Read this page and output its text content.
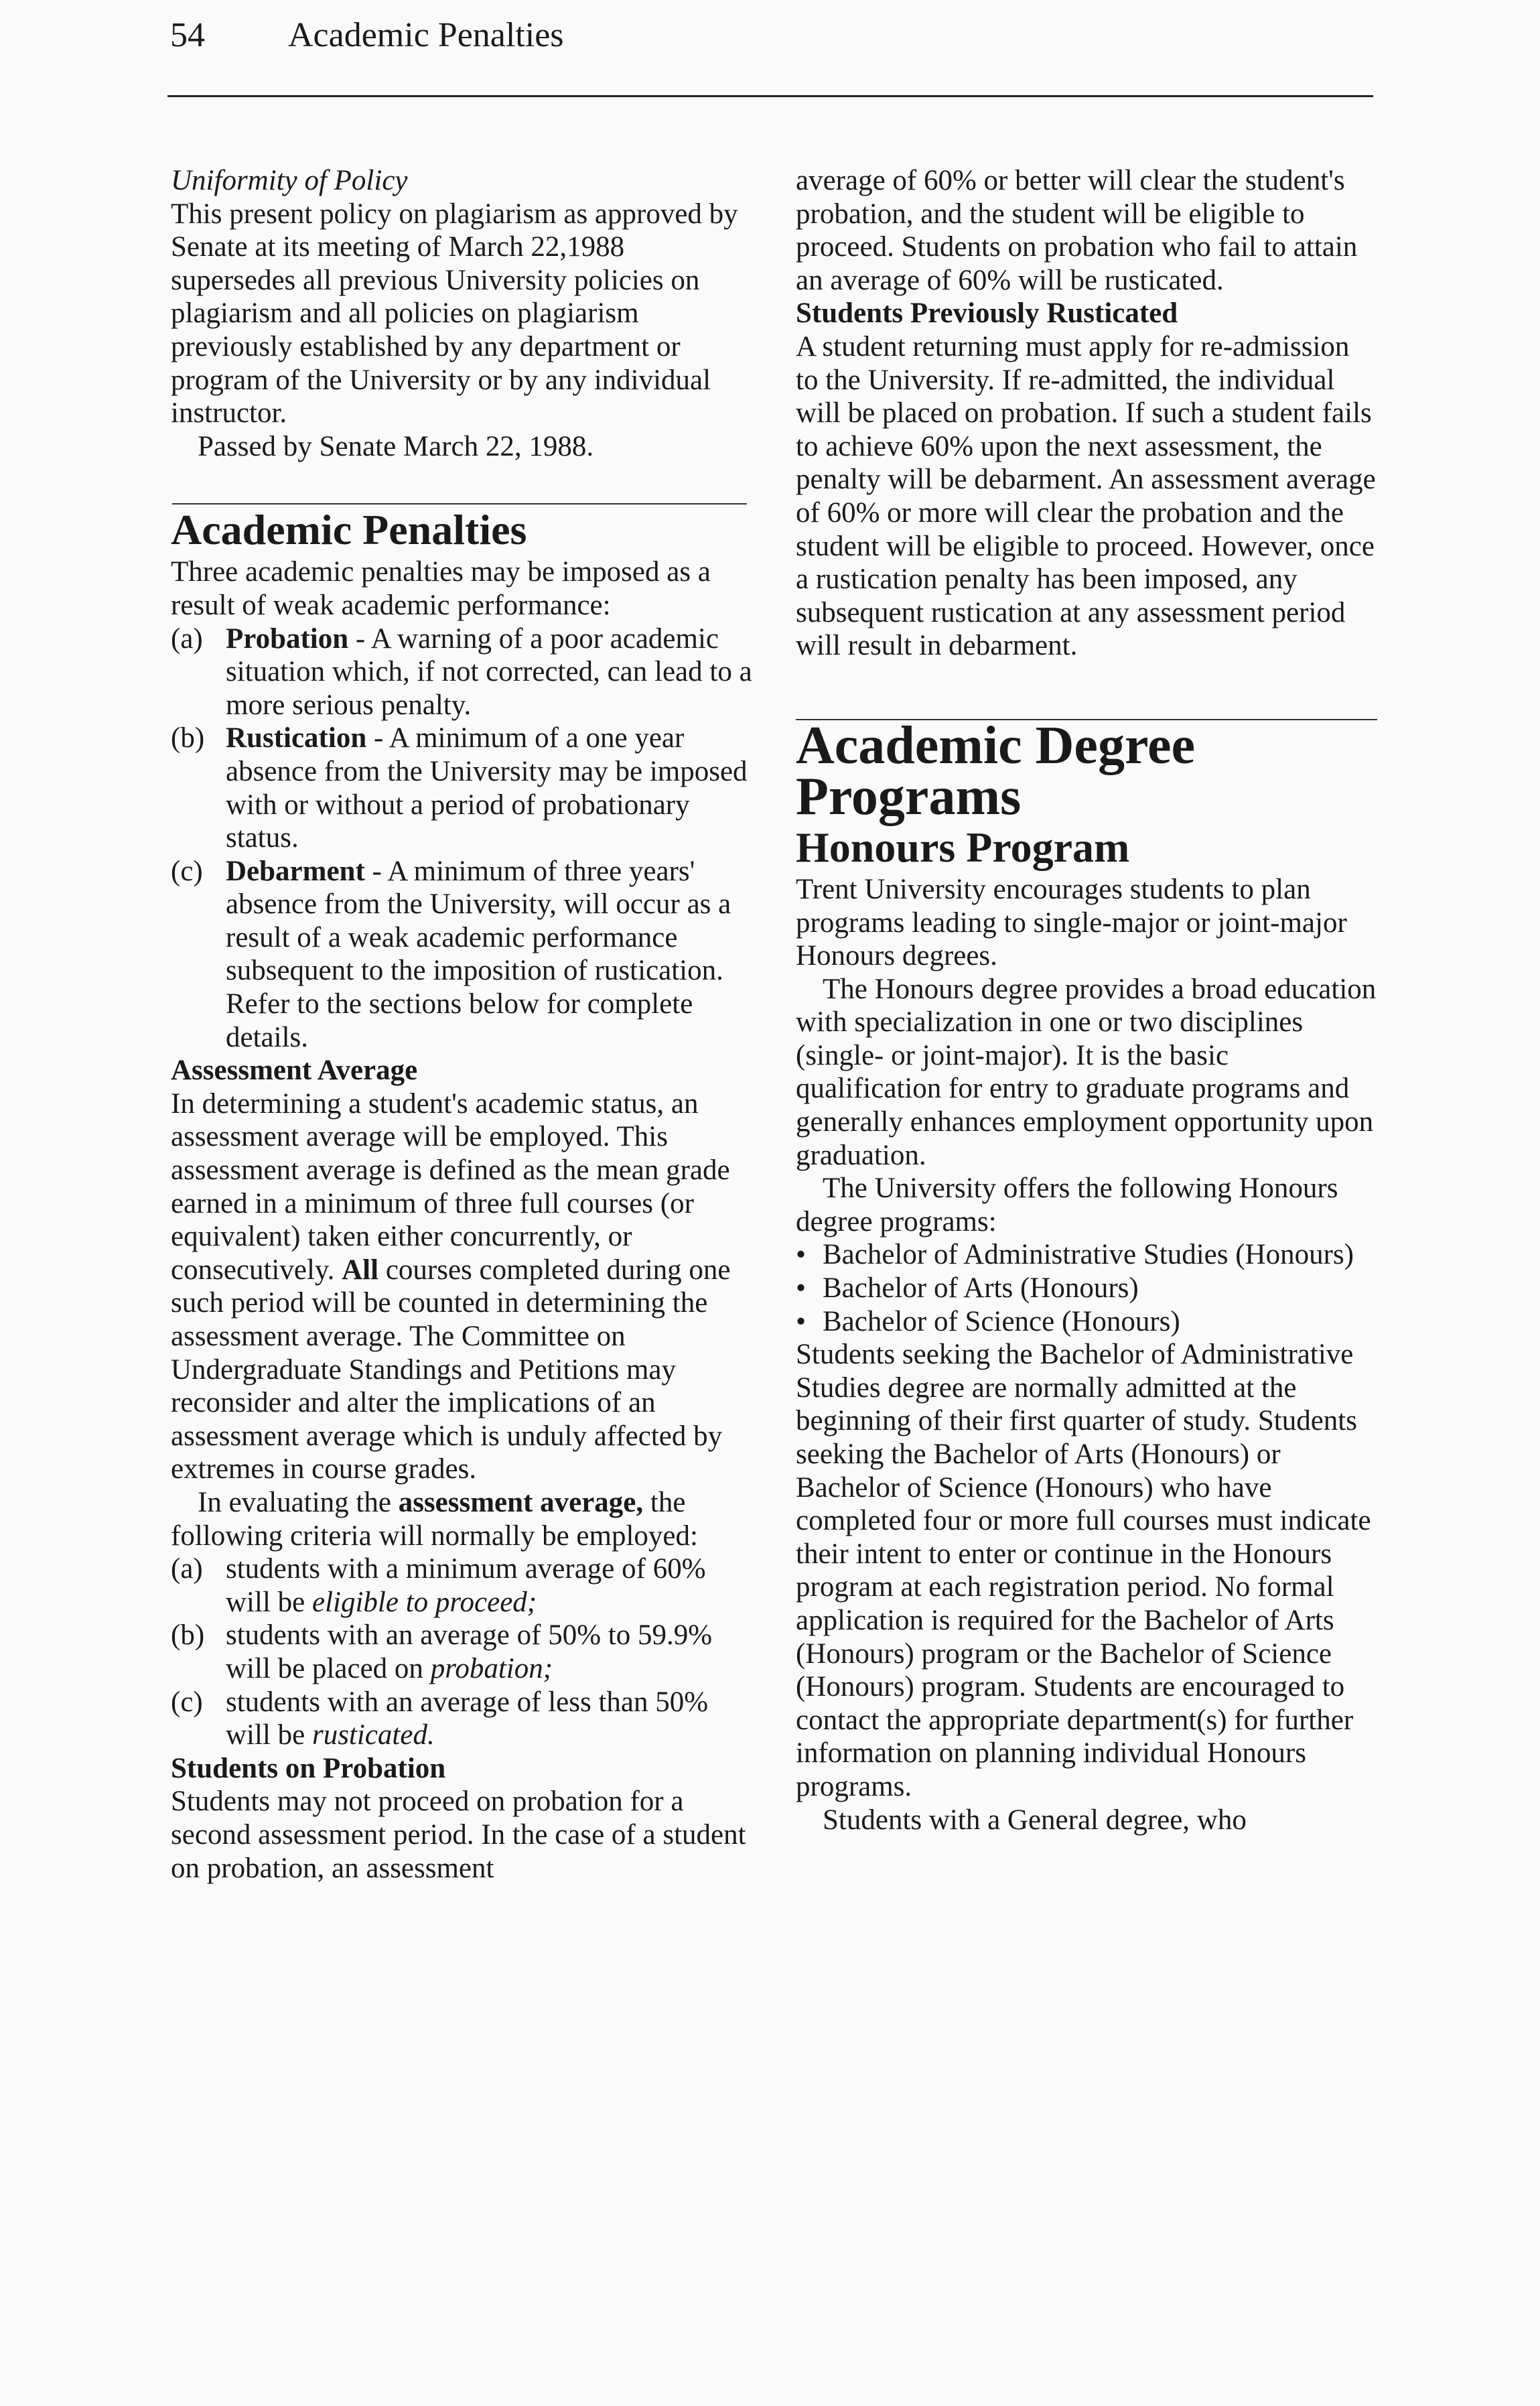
54 Academic Penalties

Uniformity of Policy

This present policy on plagiarism as approved by Senate at its meeting of March 22,1988 supersedes all previous University policies on plagiarism and all policies on plagiarism previously established by any department or program of the University or by any individual instructor.

Passed by Senate March 22, 1988.

Academic Penalties

Three academic penalties may be imposed as a result of weak academic performance:

(a) Probation - A warning of a poor academic situation which, if not corrected, can lead to a more serious penalty.
(b) Rustication - A minimum of a one year absence from the University may be imposed with or without a period of probationary status.
(c) Debarment - A minimum of three years' absence from the University, will occur as a result of a weak academic performance subsequent to the imposition of rustication. Refer to the sections below for complete details.
Assessment Average

In determining a student's academic status, an assessment average will be employed. This assessment average is defined as the mean grade earned in a minimum of three full courses (or equivalent) taken either concurrently, or consecutively. All courses completed during one such period will be counted in determining the assessment average. The Committee on Undergraduate Standings and Petitions may reconsider and alter the implications of an assessment average which is unduly affected by extremes in course grades.

In evaluating the assessment average, the following criteria will normally be employed:

(a) students with a minimum average of 60% will be eligible to proceed;
(b) students with an average of 50% to 59.9% will be placed on probation;
(c) students with an average of less than 50% will be rusticated.
Students on Probation

Students may not proceed on probation for a second assessment period. In the case of a student on probation, an assessment

average of 60% or better will clear the student's probation, and the student will be eligible to proceed. Students on probation who fail to attain an average of 60% will be rusticated.

Students Previously Rusticated

A student returning must apply for re-admission to the University. If re-admitted, the individual will be placed on probation. If such a student fails to achieve 60% upon the next assessment, the penalty will be debarment. An assessment average of 60% or more will clear the probation and the student will be eligible to proceed. However, once a rustication penalty has been imposed, any subsequent rustication at any assessment period will result in debarment.

Academic Degree
Programs
Honours Program

Trent University encourages students to plan programs leading to single-major or joint-major Honours degrees.

The Honours degree provides a broad education with specialization in one or two disciplines (single- or joint-major). It is the basic qualification for entry to graduate programs and generally enhances employment opportunity upon graduation.

The University offers the following Honours degree programs:

• Bachelor of Administrative Studies (Honours)
• Bachelor of Arts (Honours)
• Bachelor of Science (Honours)

Students seeking the Bachelor of Administrative Studies degree are normally admitted at the beginning of their first quarter of study. Students seeking the Bachelor of Arts (Honours) or Bachelor of Science (Honours) who have completed four or more full courses must indicate their intent to enter or continue in the Honours program at each registration period. No formal application is required for the Bachelor of Arts (Honours) program or the Bachelor of Science (Honours) program. Students are encouraged to contact the appropriate department(s) for further information on planning individual Honours programs.

Students with a General degree, who
